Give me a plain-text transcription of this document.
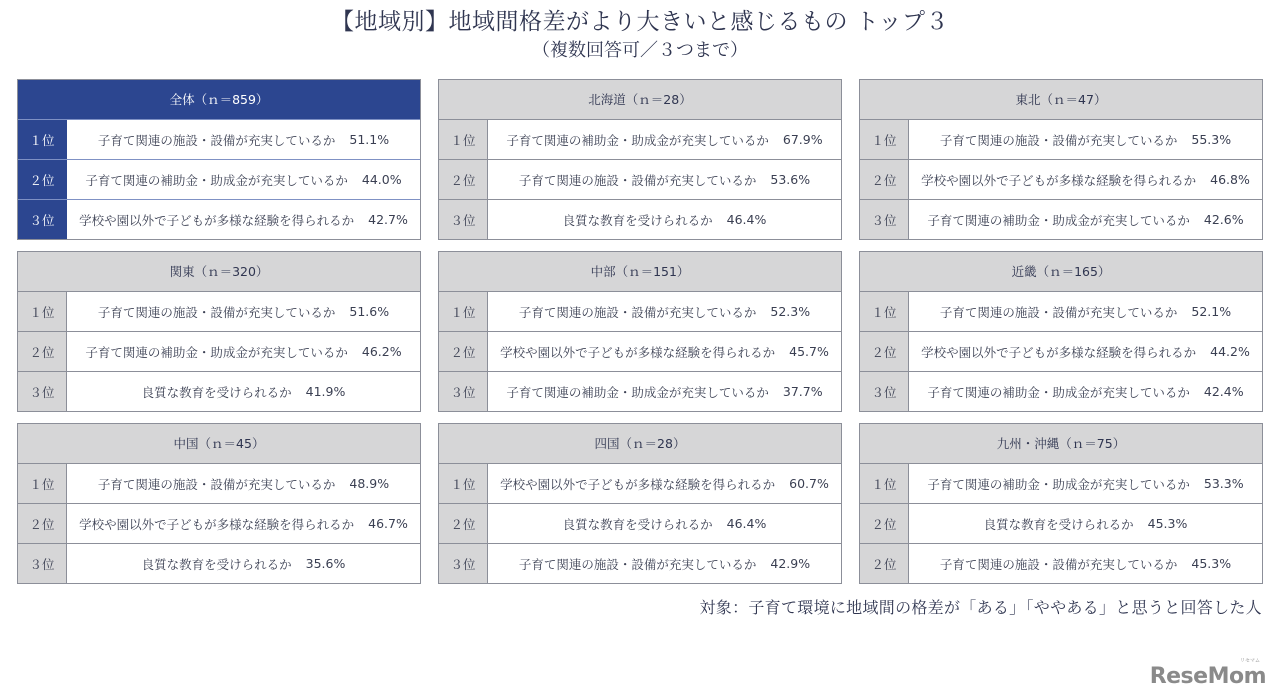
【地域別】地域間格差がより大きいと感じるもの トップ３
（複数回答可／３つまで）
全体（ｎ＝859）
１位	子育て関連の施設・設備が充実しているか 51.1%
２位	子育て関連の補助金・助成金が充実しているか 44.0%
３位	学校や園以外で子どもが多様な経験を得られるか 42.7%
北海道（ｎ＝28）
１位	子育て関連の補助金・助成金が充実しているか 67.9%
２位	子育て関連の施設・設備が充実しているか 53.6%
３位	良質な教育を受けられるか 46.4%
東北（ｎ＝47）
１位	子育て関連の施設・設備が充実しているか 55.3%
２位	学校や園以外で子どもが多様な経験を得られるか 46.8%
３位	子育て関連の補助金・助成金が充実しているか 42.6%
関東（ｎ＝320）
１位	子育て関連の施設・設備が充実しているか 51.6%
２位	子育て関連の補助金・助成金が充実しているか 46.2%
３位	良質な教育を受けられるか 41.9%
中部（ｎ＝151）
１位	子育て関連の施設・設備が充実しているか 52.3%
２位	学校や園以外で子どもが多様な経験を得られるか 45.7%
３位	子育て関連の補助金・助成金が充実しているか 37.7%
近畿（ｎ＝165）
１位	子育て関連の施設・設備が充実しているか 52.1%
２位	学校や園以外で子どもが多様な経験を得られるか 44.2%
３位	子育て関連の補助金・助成金が充実しているか 42.4%
中国（ｎ＝45）
１位	子育て関連の施設・設備が充実しているか 48.9%
２位	学校や園以外で子どもが多様な経験を得られるか 46.7%
３位	良質な教育を受けられるか 35.6%
四国（ｎ＝28）
１位	学校や園以外で子どもが多様な経験を得られるか 60.7%
２位	良質な教育を受けられるか 46.4%
３位	子育て関連の施設・設備が充実しているか 42.9%
九州・沖縄（ｎ＝75）
１位	子育て関連の補助金・助成金が充実しているか 53.3%
２位	良質な教育を受けられるか 45.3%
２位	子育て関連の施設・設備が充実しているか 45.3%
対象：子育て環境に地域間の格差が「ある」「ややある」と思うと回答した人
ReseMom
リセマム
